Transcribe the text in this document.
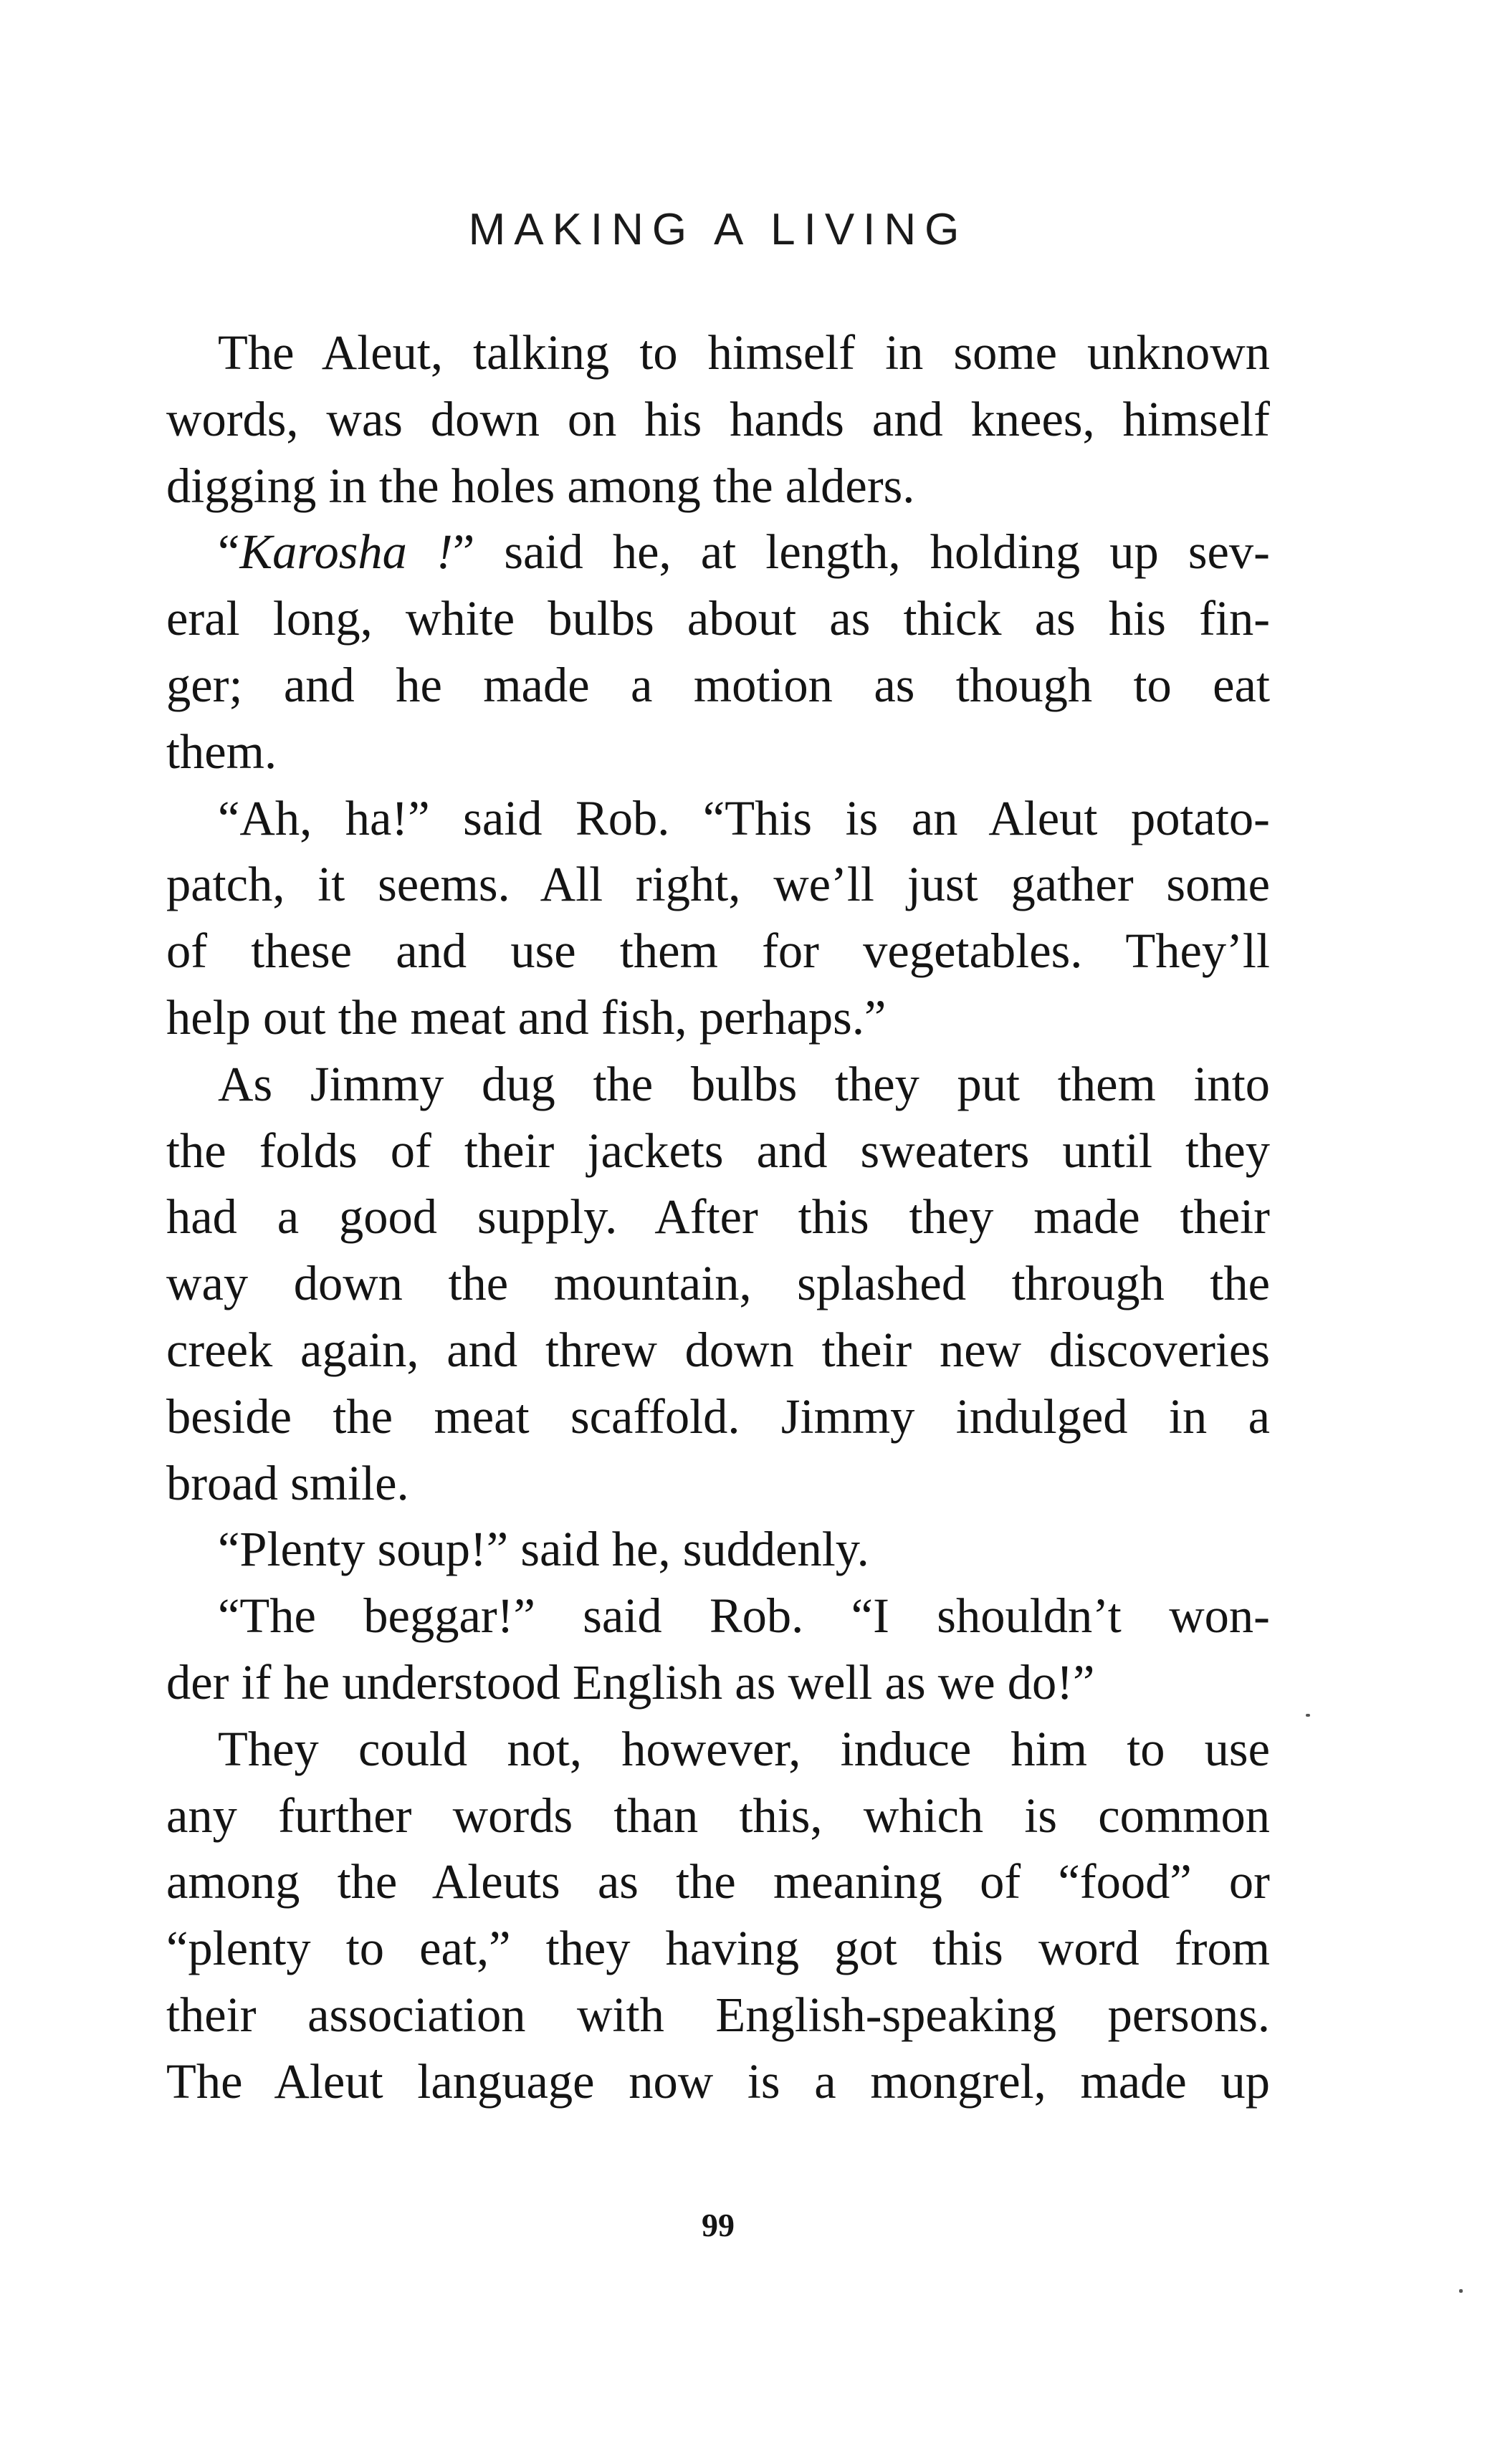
MAKING A LIVING
The Aleut, talking to himself in some unknown
words, was down on his hands and knees, himself
digging in the holes among the alders.
“Karosha !” said he, at length, holding up sev-
eral long, white bulbs about as thick as his fin-
ger; and he made a motion as though to eat
them.
“Ah, ha!” said Rob. “This is an Aleut potato-
patch, it seems. All right, we’ll just gather some
of these and use them for vegetables. They’ll
help out the meat and fish, perhaps.”
As Jimmy dug the bulbs they put them into
the folds of their jackets and sweaters until they
had a good supply. After this they made their
way down the mountain, splashed through the
creek again, and threw down their new discoveries
beside the meat scaffold. Jimmy indulged in a
broad smile.
“Plenty soup!” said he, suddenly.
“The beggar!” said Rob. “I shouldn’t won-
der if he understood English as well as we do!”
They could not, however, induce him to use
any further words than this, which is common
among the Aleuts as the meaning of “food” or
“plenty to eat,” they having got this word from
their association with English-speaking persons.
The Aleut language now is a mongrel, made up
99
